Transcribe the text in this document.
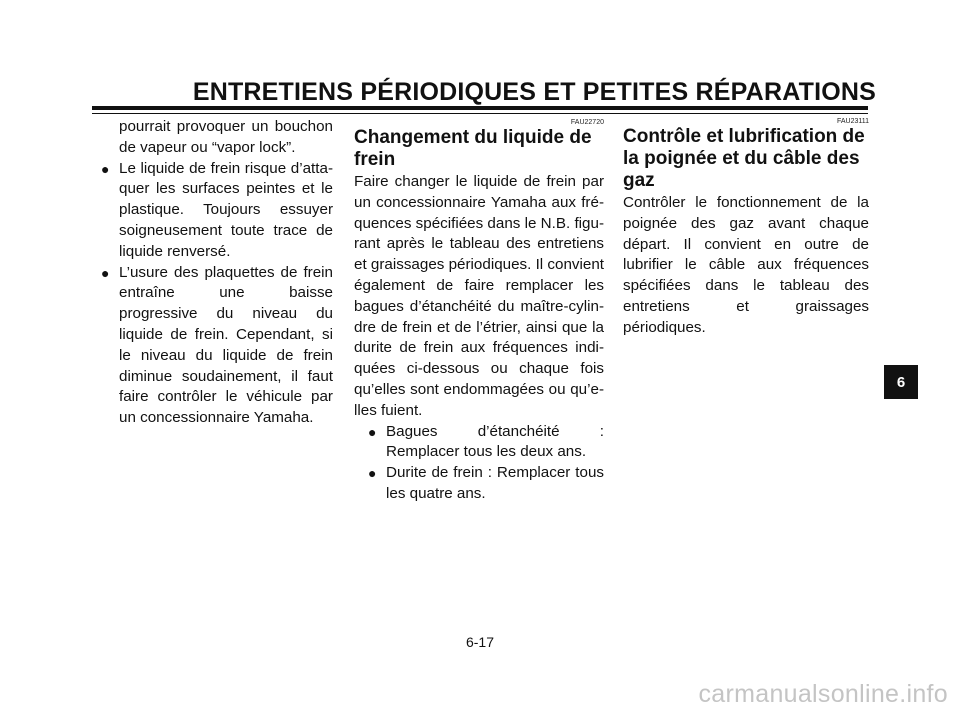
ENTRETIENS PÉRIODIQUES ET PETITES RÉPARATIONS

pourrait provoquer un bouchon de vapeur ou “vapor lock”.

● Le liquide de frein risque d’attaquer les surfaces peintes et le plastique. Toujours essuyer soigneusement toute trace de liquide renversé.

● L’usure des plaquettes de frein entraîne une baisse progressive du niveau du liquide de frein. Cependant, si le niveau du liquide de frein diminue soudainement, il faut faire contrôler le véhicule par un concessionnaire Yamaha.

FAU22720
Changement du liquide de frein

Faire changer le liquide de frein par un concessionnaire Yamaha aux fréquences spécifiées dans le N.B. figurant après le tableau des entretiens et graissages périodiques. Il convient également de faire remplacer les bagues d’étanchéité du maître-cylindre de frein et de l’étrier, ainsi que la durite de frein aux fréquences indiquées ci-dessous ou chaque fois qu’elles sont endommagées ou qu’elles fuient.

● Bagues d’étanchéité : Remplacer tous les deux ans.

● Durite de frein : Remplacer tous les quatre ans.

FAU23111
Contrôle et lubrification de la poignée et du câble des gaz

Contrôler le fonctionnement de la poignée des gaz avant chaque départ. Il convient en outre de lubrifier le câble aux fréquences spécifiées dans le tableau des entretiens et graissages périodiques.

6
6-17
carmanualsonline.info
